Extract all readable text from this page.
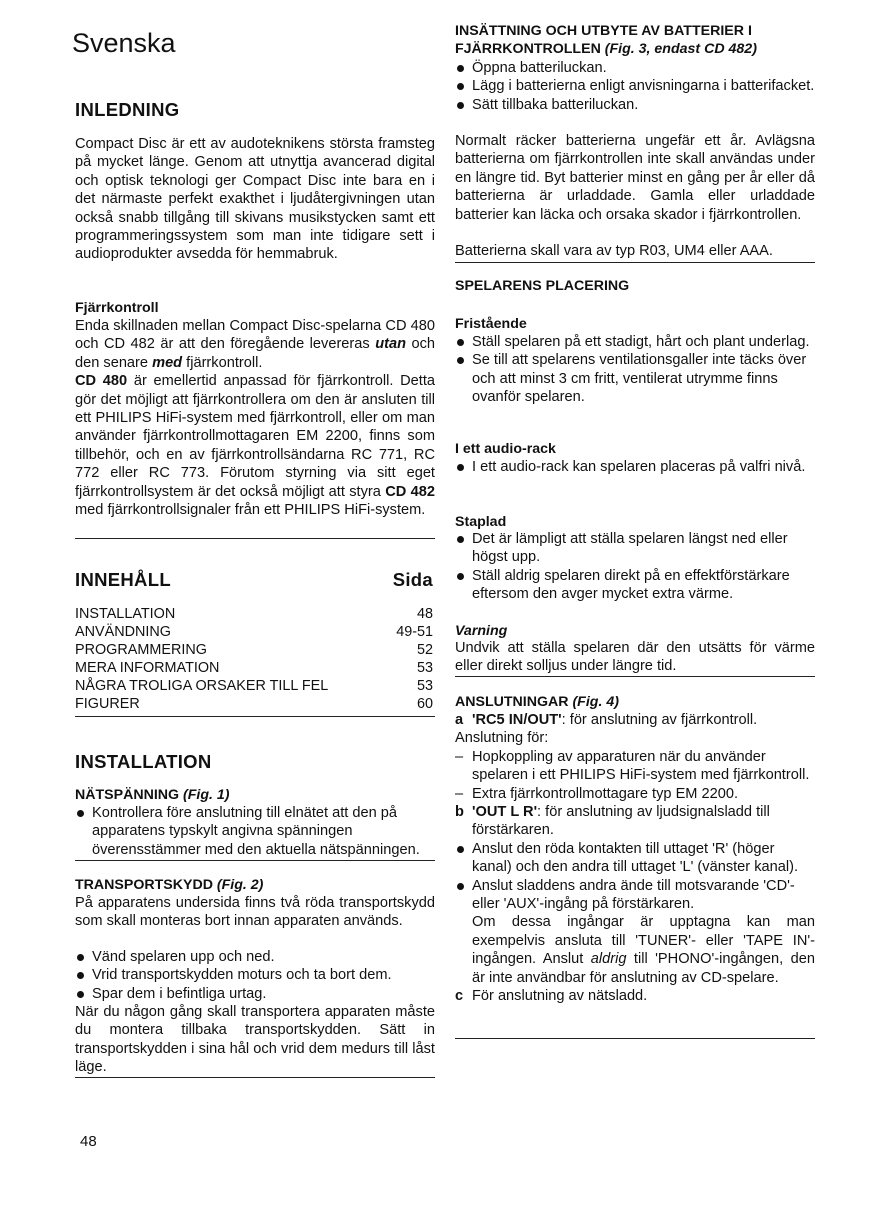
Svenska
INLEDNING

Compact Disc är ett av audoteknikens största framsteg på mycket länge. Genom att utnyttja avancerad digital och optisk teknologi ger Compact Disc inte bara en i det närmaste perfekt exakthet i ljudåtergivningen utan också snabb tillgång till skivans musikstycken samt ett programmeringssystem som man inte tidigare sett i audioprodukter avsedda för hemmabruk.

Fjärrkontroll

Enda skillnaden mellan Compact Disc-spelarna CD 480 och CD 482 är att den föregående levereras utan och den senare med fjärrkontroll.

CD 480 är emellertid anpassad för fjärrkontroll. Detta gör det möjligt att fjärrkontrollera om den är ansluten till ett PHILIPS HiFi-system med fjärrkontroll, eller om man använder fjärrkontrollmottagaren EM 2200, finns som tillbehör, och en av fjärrkontrollsändarna RC 771, RC 772 eller RC 773. Förutom styrning via sitt eget fjärrkontrollsystem är det också möjligt att styra CD 482 med fjärrkontrollsignaler från ett PHILIPS HiFi-system.

INNEHÅLL	Sida
INSTALLATION	48
ANVÄNDNING	49-51
PROGRAMMERING	52
MERA INFORMATION	53
NÅGRA TROLIGA ORSAKER TILL FEL	53
FIGURER	60
INSTALLATION
NÄTSPÄNNING (Fig. 1)
Kontrollera före anslutning till elnätet att den på apparatens typskylt angivna spänningen överensstämmer med den aktuella nätspänningen.
TRANSPORTSKYDD (Fig. 2)

På apparatens undersida finns två röda transportskydd som skall monteras bort innan apparaten används.

Vänd spelaren upp och ned.
Vrid transportskydden moturs och ta bort dem.
Spar dem i befintliga urtag.

När du någon gång skall transportera apparaten måste du montera tillbaka transportskydden. Sätt in transportskydden i sina hål och vrid dem medurs till låst läge.

INSÄTTNING OCH UTBYTE AV BATTERIER I FJÄRRKONTROLLEN (Fig. 3, endast CD 482)
Öppna batteriluckan.
Lägg i batterierna enligt anvisningarna i batterifacket.
Sätt tillbaka batteriluckan.

Normalt räcker batterierna ungefär ett år. Avlägsna batterierna om fjärrkontrollen inte skall användas under en längre tid. Byt batterier minst en gång per år eller då batterierna är urladdade. Gamla eller urladdade batterier kan läcka och orsaka skador i fjärrkontrollen.

Batterierna skall vara av typ R03, UM4 eller AAA.

SPELARENS PLACERING
Fristående
Ställ spelaren på ett stadigt, hårt och plant underlag.
Se till att spelarens ventilationsgaller inte täcks över och att minst 3 cm fritt, ventilerat utrymme finns ovanför spelaren.
I ett audio-rack
I ett audio-rack kan spelaren placeras på valfri nivå.
Staplad
Det är lämpligt att ställa spelaren längst ned eller högst upp.
Ställ aldrig spelaren direkt på en effektförstärkare eftersom den avger mycket extra värme.
Varning

Undvik att ställa spelaren där den utsätts för värme eller direkt solljus under längre tid.

ANSLUTNINGAR (Fig. 4)
a 'RC5 IN/OUT': för anslutning av fjärrkontroll.

Anslutning för:

– Hopkoppling av apparaturen när du använder spelaren i ett PHILIPS HiFi-system med fjärrkontroll.
– Extra fjärrkontrollmottagare typ EM 2200.
b 'OUT L R': för anslutning av ljudsignalsladd till förstärkaren.
Anslut den röda kontakten till uttaget 'R' (höger kanal) och den andra till uttaget 'L' (vänster kanal).
Anslut sladdens andra ände till motsvarande 'CD'- eller 'AUX'-ingång på förstärkaren.

Om dessa ingångar är upptagna kan man exempelvis ansluta till 'TUNER'- eller 'TAPE IN'-ingången. Anslut aldrig till 'PHONO'-ingången, den är inte användbar för anslutning av CD-spelare.

c För anslutning av nätsladd.
48
